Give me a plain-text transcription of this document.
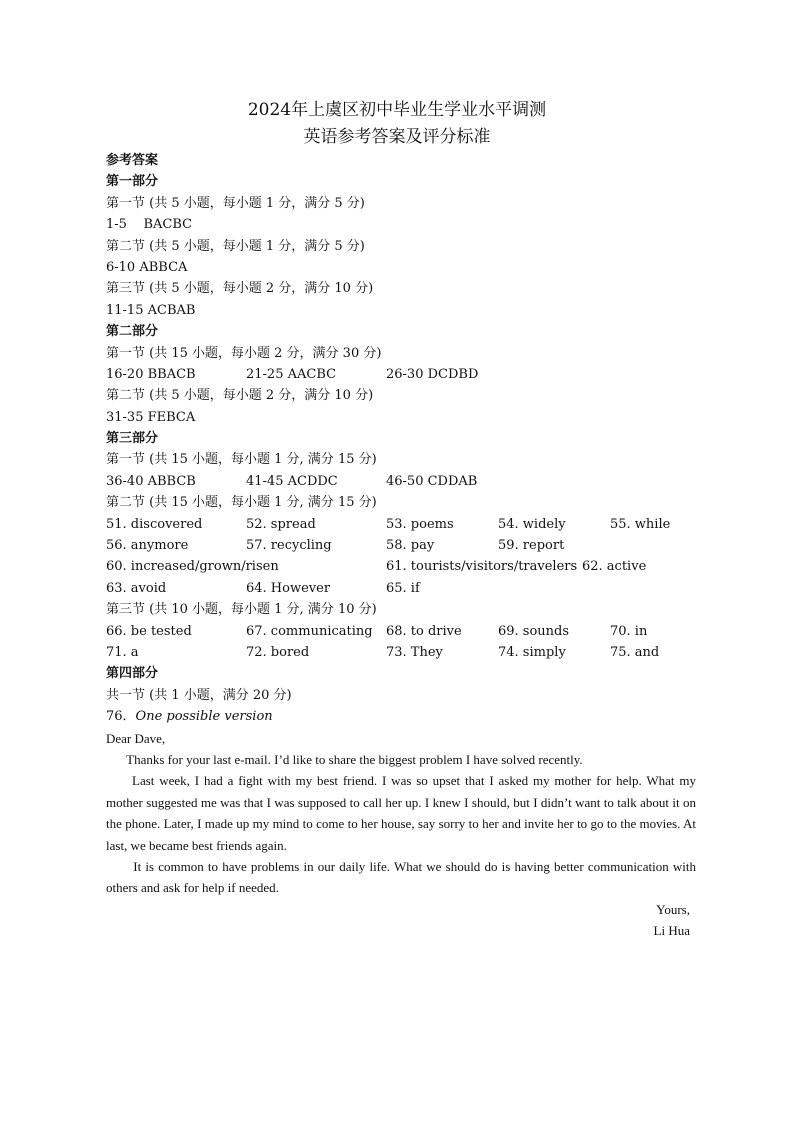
2024年上虞区初中毕业生学业水平调测
英语参考答案及评分标准
参考答案
第一部分
第一节 (共 5 小题，每小题 1 分，满分 5 分)
1-5    BACBC
第二节 (共 5 小题，每小题 1 分，满分 5 分)
6-10 ABBCA
第三节 (共 5 小题，每小题 2 分，满分 10 分)
11-15 ACBAB
第二部分
第一节 (共 15 小题，每小题 2 分，满分 30 分)
16-20 BBACB	21-25 AACBC	26-30 DCDBD
第二节 (共 5 小题，每小题 2 分，满分 10 分)
31-35 FEBCA
第三部分
第一节 (共 15 小题，每小题 1 分, 满分 15 分)
36-40 ABBCB	41-45 ACDDC	46-50 CDDAB
第二节 (共 15 小题，每小题 1 分, 满分 15 分)
51. discovered	52. spread	53. poems	54. widely	55. while
56. anymore	57. recycling	58. pay	59. report
60. increased/grown/risen	61. tourists/visitors/travelers 62. active
63. avoid	64. However	65. if
第三节 (共 10 小题，每小题 1 分, 满分 10 分)
66. be tested	67. communicating	68. to drive	69. sounds	70. in
71. a	72. bored	73. They	74. simply	75. and
第四部分
共一节 (共 1 小题，满分 20 分)
76．One possible version
Dear Dave,

Thanks for your last e-mail. I’d like to share the biggest problem I have solved recently.

Last week, I had a fight with my best friend. I was so upset that I asked my mother for help. What my mother suggested me was that I was supposed to call her up. I knew I should, but I didn’t want to talk about it on the phone. Later, I made up my mind to come to her house, say sorry to her and invite her to go to the movies. At last, we became best friends again.

It is common to have problems in our daily life. What we should do is having better communication with others and ask for help if needed.

Yours,
Li Hua
